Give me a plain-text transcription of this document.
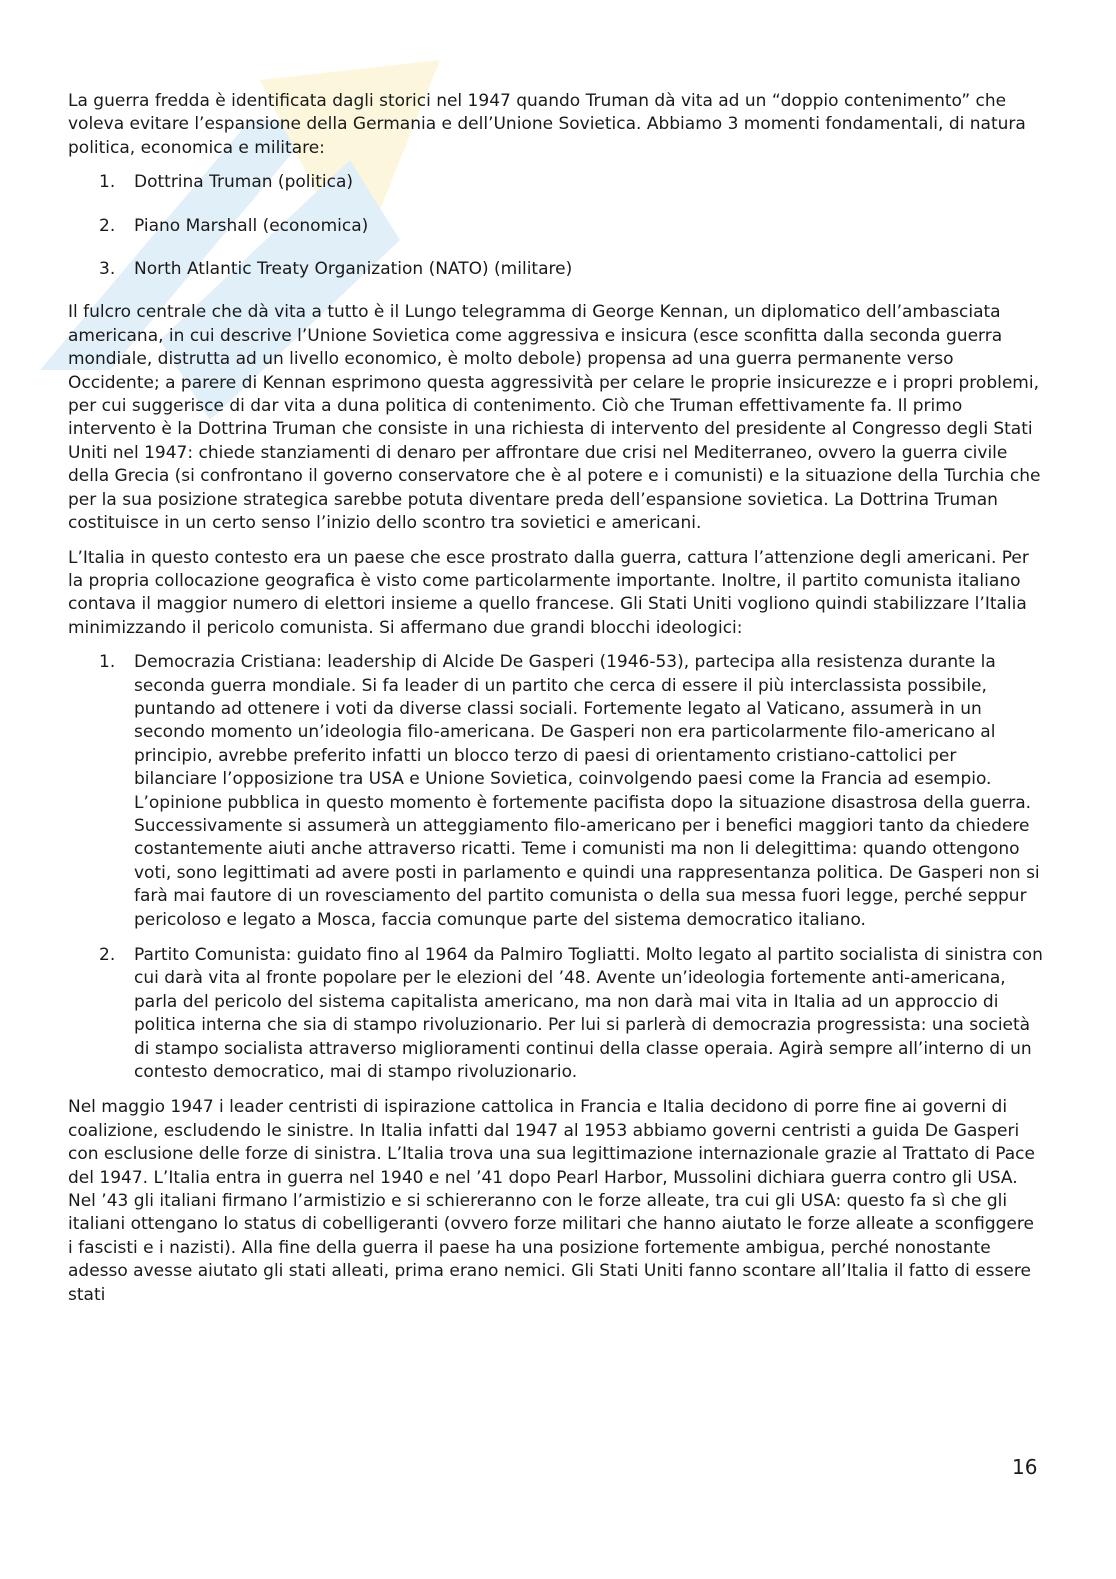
La guerra fredda è identificata dagli storici nel 1947 quando Truman dà vita ad un “doppio contenimento” che voleva evitare l’espansione della Germania e dell’Unione Sovietica. Abbiamo 3 momenti fondamentali, di natura politica, economica e militare:

1. Dottrina Truman (politica)
2. Piano Marshall (economica)
3. North Atlantic Treaty Organization (NATO) (militare)

Il fulcro centrale che dà vita a tutto è il Lungo telegramma di George Kennan, un diplomatico dell’ambasciata americana, in cui descrive l’Unione Sovietica come aggressiva e insicura (esce sconfitta dalla seconda guerra mondiale, distrutta ad un livello economico, è molto debole) propensa ad una guerra permanente verso Occidente; a parere di Kennan esprimono questa aggressività per celare le proprie insicurezze e i propri problemi, per cui suggerisce di dar vita a duna politica di contenimento. Ciò che Truman effettivamente fa. Il primo intervento è la Dottrina Truman che consiste in una richiesta di intervento del presidente al Congresso degli Stati Uniti nel 1947: chiede stanziamenti di denaro per affrontare due crisi nel Mediterraneo, ovvero la guerra civile della Grecia (si confrontano il governo conservatore che è al potere e i comunisti) e la situazione della Turchia che per la sua posizione strategica sarebbe potuta diventare preda dell’espansione sovietica. La Dottrina Truman costituisce in un certo senso l’inizio dello scontro tra sovietici e americani.

L’Italia in questo contesto era un paese che esce prostrato dalla guerra, cattura l’attenzione degli americani. Per la propria collocazione geografica è visto come particolarmente importante. Inoltre, il partito comunista italiano contava il maggior numero di elettori insieme a quello francese. Gli Stati Uniti vogliono quindi stabilizzare l’Italia minimizzando il pericolo comunista. Si affermano due grandi blocchi ideologici:

1. Democrazia Cristiana: leadership di Alcide De Gasperi (1946-53), partecipa alla resistenza durante la seconda guerra mondiale. Si fa leader di un partito che cerca di essere il più interclassista possibile, puntando ad ottenere i voti da diverse classi sociali. Fortemente legato al Vaticano, assumerà in un secondo momento un’ideologia filo-americana. De Gasperi non era particolarmente filo-americano al principio, avrebbe preferito infatti un blocco terzo di paesi di orientamento cristiano-cattolici per bilanciare l’opposizione tra USA e Unione Sovietica, coinvolgendo paesi come la Francia ad esempio. L’opinione pubblica in questo momento è fortemente pacifista dopo la situazione disastrosa della guerra. Successivamente si assumerà un atteggiamento filo-americano per i benefici maggiori tanto da chiedere costantemente aiuti anche attraverso ricatti. Teme i comunisti ma non li delegittima: quando ottengono voti, sono legittimati ad avere posti in parlamento e quindi una rappresentanza politica. De Gasperi non si farà mai fautore di un rovesciamento del partito comunista o della sua messa fuori legge, perché seppur pericoloso e legato a Mosca, faccia comunque parte del sistema democratico italiano.
2. Partito Comunista: guidato fino al 1964 da Palmiro Togliatti. Molto legato al partito socialista di sinistra con cui darà vita al fronte popolare per le elezioni del ’48. Avente un’ideologia fortemente anti-americana, parla del pericolo del sistema capitalista americano, ma non darà mai vita in Italia ad un approccio di politica interna che sia di stampo rivoluzionario. Per lui si parlerà di democrazia progressista: una società di stampo socialista attraverso miglioramenti continui della classe operaia. Agirà sempre all’interno di un contesto democratico, mai di stampo rivoluzionario.

Nel maggio 1947 i leader centristi di ispirazione cattolica in Francia e Italia decidono di porre fine ai governi di coalizione, escludendo le sinistre. In Italia infatti dal 1947 al 1953 abbiamo governi centristi a guida De Gasperi con esclusione delle forze di sinistra. L’Italia trova una sua legittimazione internazionale grazie al Trattato di Pace del 1947. L’Italia entra in guerra nel 1940 e nel ’41 dopo Pearl Harbor, Mussolini dichiara guerra contro gli USA. Nel ’43 gli italiani firmano l’armistizio e si schiereranno con le forze alleate, tra cui gli USA: questo fa sì che gli italiani ottengano lo status di cobelligeranti (ovvero forze militari che hanno aiutato le forze alleate a sconfiggere i fascisti e i nazisti). Alla fine della guerra il paese ha una posizione fortemente ambigua, perché nonostante adesso avesse aiutato gli stati alleati, prima erano nemici. Gli Stati Uniti fanno scontare all’Italia il fatto di essere stati

16
